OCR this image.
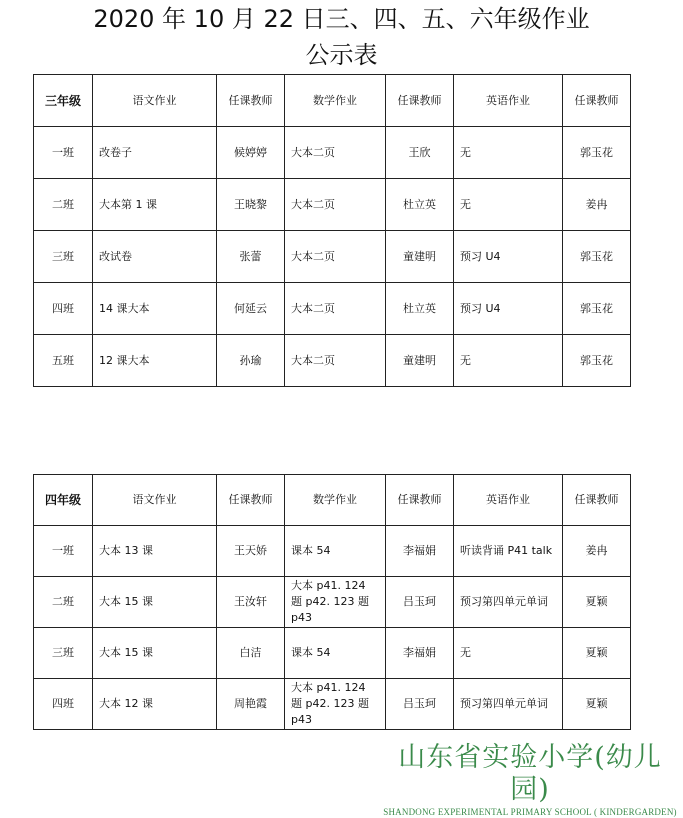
2020 年 10 月 22 日三、四、五、六年级作业
公示表
三年级	语文作业	任课教师	数学作业	任课教师	英语作业	任课教师
一班	改卷子	候婷婷	大本二页	王欣	无	郭玉花
二班	大本第 1 课	王晓黎	大本二页	杜立英	无	姜冉
三班	改试卷	张蕾	大本二页	童建明	预习 U4	郭玉花
四班	14 课大本	何延云	大本二页	杜立英	预习 U4	郭玉花
五班	12 课大本	孙瑜	大本二页	童建明	无	郭玉花
四年级	语文作业	任课教师	数学作业	任课教师	英语作业	任课教师
一班	大本 13 课	王天娇	课本 54	李福娟	听读背诵 P41 talk	姜冉
二班	大本 15 课	王汝轩	大本 p41. 124 题 p42. 123 题 p43	吕玉珂	预习第四单元单词	夏颖
三班	大本 15 课	白洁	课本 54	李福娟	无	夏颖
四班	大本 12 课	周艳霞	大本 p41. 124 题 p42. 123 题 p43	吕玉珂	预习第四单元单词	夏颖
山东省实验小学(幼儿园)
SHANDONG EXPERIMENTAL PRIMARY SCHOOL ( KINDERGARDEN)
